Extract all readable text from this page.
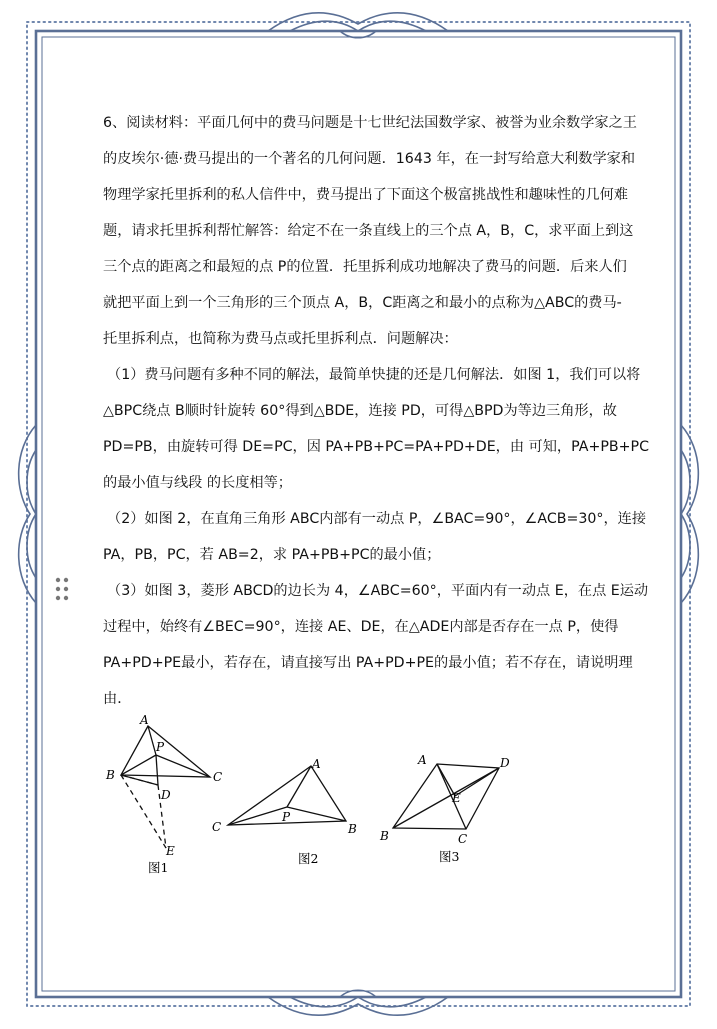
6、阅读材料：平面几何中的费马问题是十七世纪法国数学家、被誉为业余数学家之王
的皮埃尔·德·费马提出的一个著名的几何问题．1643 年，在一封写给意大利数学家和
物理学家托里拆利的私人信件中，费马提出了下面这个极富挑战性和趣味性的几何难
题，请求托里拆利帮忙解答：给定不在一条直线上的三个点 A，B，C，求平面上到这
三个点的距离之和最短的点 P的位置．托里拆利成功地解决了费马的问题．后来人们
就把平面上到一个三角形的三个顶点 A，B，C距离之和最小的点称为△ABC的费马-
托里拆利点，也简称为费马点或托里拆利点．问题解决：
（1）费马问题有多种不同的解法，最简单快捷的还是几何解法．如图 1，我们可以将
△BPC绕点 B顺时针旋转 60°得到△BDE，连接 PD，可得△BPD为等边三角形，故
PD=PB，由旋转可得 DE=PC，因 PA+PB+PC=PA+PD+DE，由 可知，PA+PB+PC
的最小值与线段 的长度相等；
（2）如图 2，在直角三角形 ABC内部有一动点 P，∠BAC=90°，∠ACB=30°，连接
PA，PB，PC，若 AB=2，求 PA+PB+PC的最小值；
（3）如图 3，菱形 ABCD的边长为 4，∠ABC=60°，平面内有一动点 E，在点 E运动
过程中，始终有∠BEC=90°，连接 AE、DE，在△ADE内部是否存在一点 P，使得
PA+PD+PE最小，若存在，请直接写出 PA+PD+PE的最小值；若不存在，请说明理
由．
A
P
B	C
D
E
图1
A
C
P
B
图2
A	D
E
B	C
图3
